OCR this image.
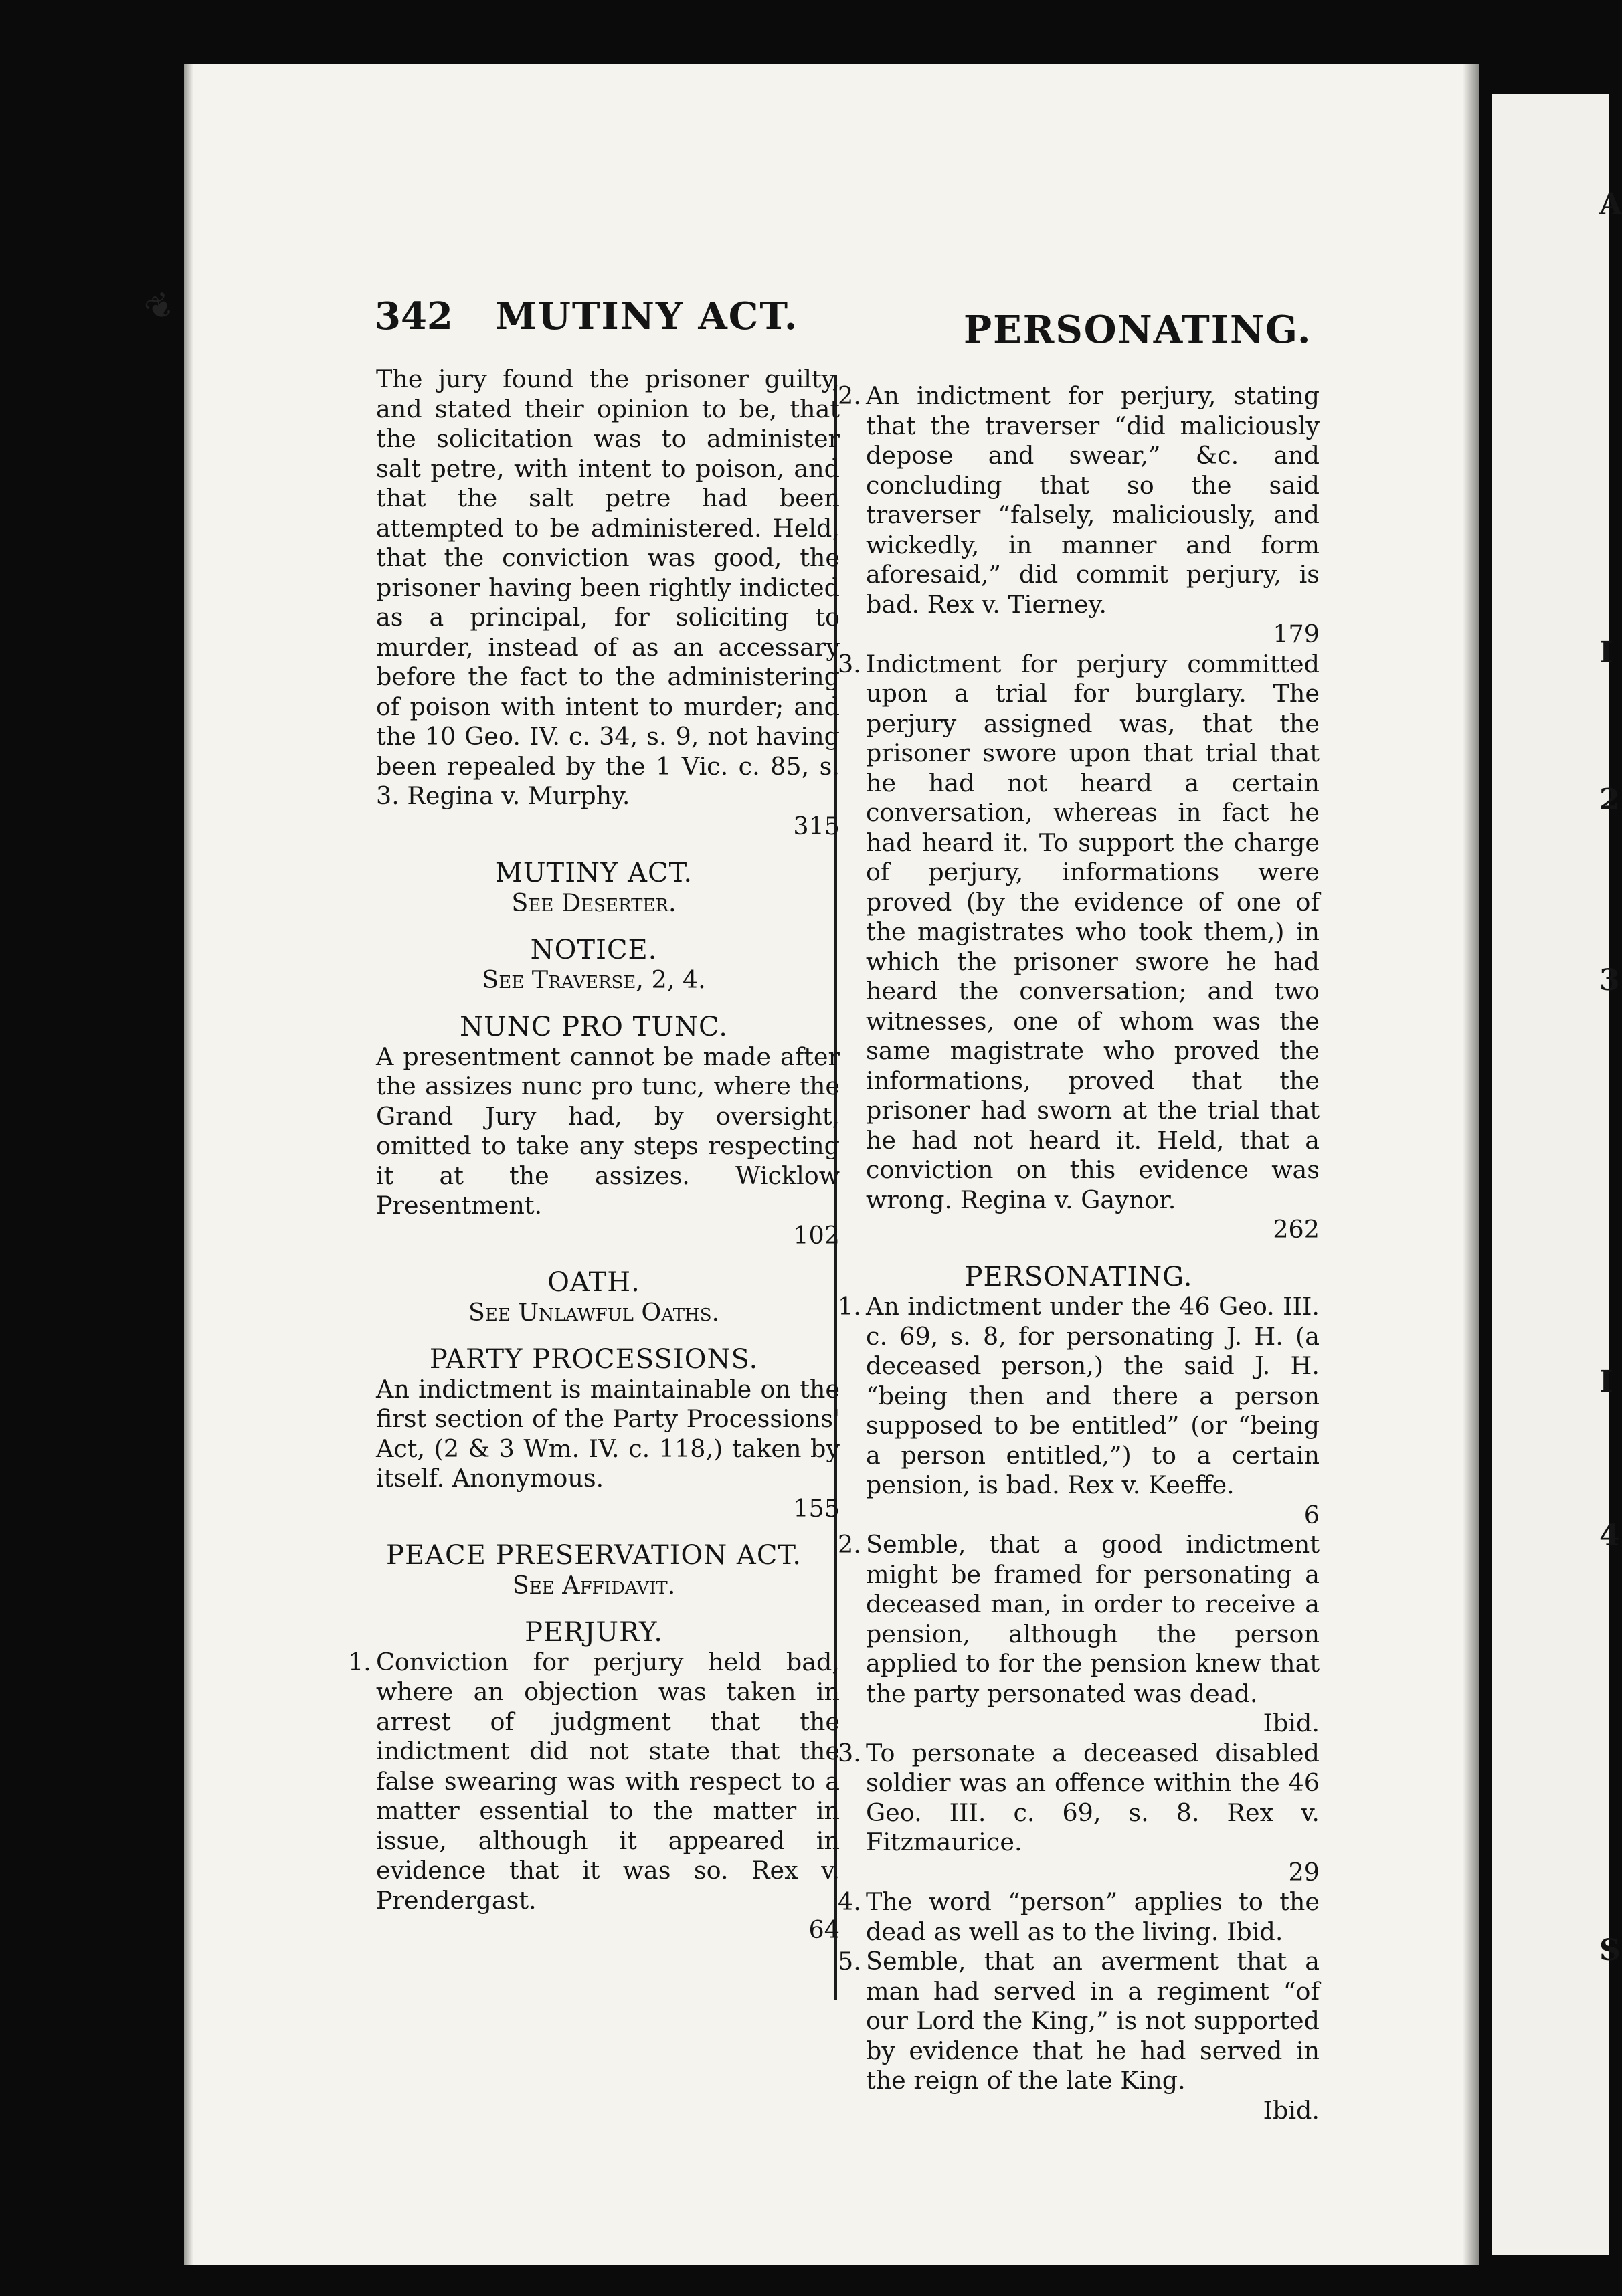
A
I
2
3
I
4
S
❦	342 MUTINY ACT.	PERSONATING.
The jury found the prisoner guilty, and stated their opinion to be, that the solicitation was to administer salt petre, with intent to poison, and that the salt petre had been attempted to be administered. Held, that the conviction was good, the prisoner having been rightly indicted as a principal, for soliciting to murder, instead of as an accessary before the fact to the administering of poison with intent to murder; and the 10 Geo. IV. c. 34, s. 9, not having been repealed by the 1 Vic. c. 85, s. 3. Regina v. Murphy.
315
MUTINY ACT.
See Deserter.
NOTICE.
See Traverse, 2, 4.
NUNC PRO TUNC.
A presentment cannot be made after the assizes nunc pro tunc, where the Grand Jury had, by oversight, omitted to take any steps respecting it at the assizes. Wicklow Presentment.
102
OATH.
See Unlawful Oaths.
PARTY PROCESSIONS.
An indictment is maintainable on the first section of the Party Processions' Act, (2 & 3 Wm. IV. c. 118,) taken by itself. Anonymous.
155
PEACE PRESERVATION ACT.
See Affidavit.
PERJURY.
1. Conviction for perjury held bad, where an objection was taken in arrest of judgment that the indictment did not state that the false swearing was with respect to a matter essential to the matter in issue, although it appeared in evidence that it was so. Rex v. Prendergast.
64
2. An indictment for perjury, stating that the traverser “did maliciously depose and swear,” &c. and concluding that so the said traverser “falsely, maliciously, and wickedly, in manner and form aforesaid,” did commit perjury, is bad. Rex v. Tierney.
179
3. Indictment for perjury committed upon a trial for burglary. The perjury assigned was, that the prisoner swore upon that trial that he had not heard a certain conversation, whereas in fact he had heard it. To support the charge of perjury, informations were proved (by the evidence of one of the magistrates who took them,) in which the prisoner swore he had heard the conversation; and two witnesses, one of whom was the same magistrate who proved the informations, proved that the prisoner had sworn at the trial that he had not heard it. Held, that a conviction on this evidence was wrong. Regina v. Gaynor.
262
PERSONATING.
1. An indictment under the 46 Geo. III. c. 69, s. 8, for personating J. H. (a deceased person,) the said J. H. “being then and there a person supposed to be entitled” (or “being a person entitled,”) to a certain pension, is bad. Rex v. Keeffe.
6
2. Semble, that a good indictment might be framed for personating a deceased man, in order to receive a pension, although the person applied to for the pension knew that the party personated was dead.
Ibid.
3. To personate a deceased disabled soldier was an offence within the 46 Geo. III. c. 69, s. 8. Rex v. Fitzmaurice.
29
4. The word “person” applies to the dead as well as to the living. Ibid.
5. Semble, that an averment that a man had served in a regiment “of our Lord the King,” is not supported by evidence that he had served in the reign of the late King.
Ibid.
